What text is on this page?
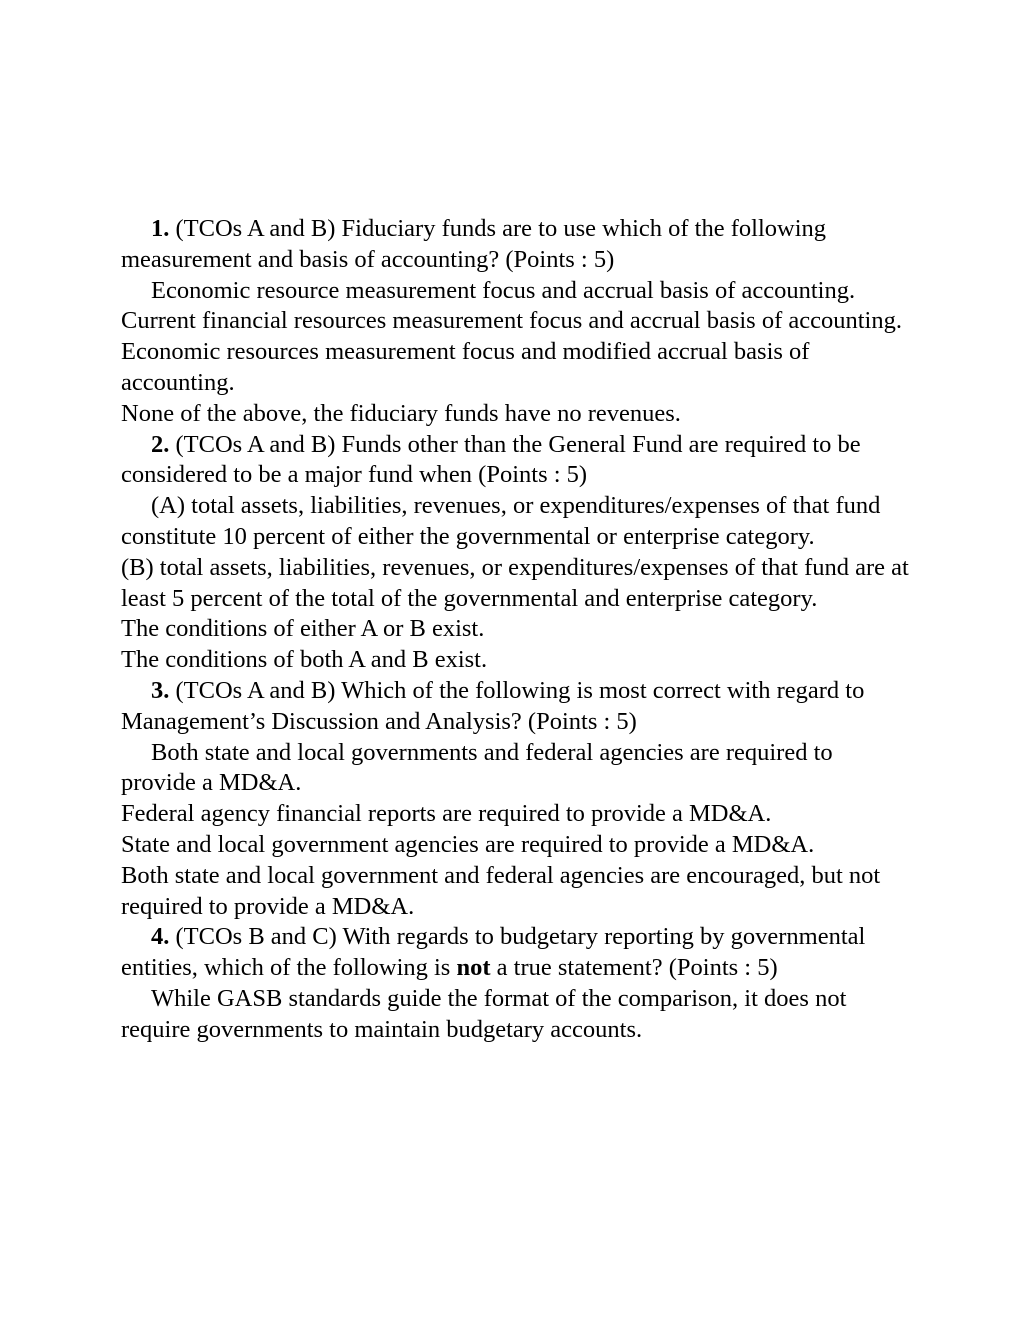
1. (TCOs A and B) Fiduciary funds are to use which of the following measurement and basis of accounting? (Points : 5)

Economic resource measurement focus and accrual basis of accounting.

Current financial resources measurement focus and accrual basis of accounting.

Economic resources measurement focus and modified accrual basis of accounting.

None of the above, the fiduciary funds have no revenues.

2. (TCOs A and B) Funds other than the General Fund are required to be considered to be a major fund when (Points : 5)

(A) total assets, liabilities, revenues, or expenditures/expenses of that fund constitute 10 percent of either the governmental or enterprise category.

(B) total assets, liabilities, revenues, or expenditures/expenses of that fund are at least 5 percent of the total of the governmental and enterprise category.

The conditions of either A or B exist.

The conditions of both A and B exist.

3. (TCOs A and B) Which of the following is most correct with regard to Management’s Discussion and Analysis? (Points : 5)

Both state and local governments and federal agencies are required to provide a MD&A.

Federal agency financial reports are required to provide a MD&A.

State and local government agencies are required to provide a MD&A.

Both state and local government and federal agencies are encouraged, but not required to provide a MD&A.

4. (TCOs B and C) With regards to budgetary reporting by governmental entities, which of the following is not a true statement? (Points : 5)

While GASB standards guide the format of the comparison, it does not require governments to maintain budgetary accounts.
